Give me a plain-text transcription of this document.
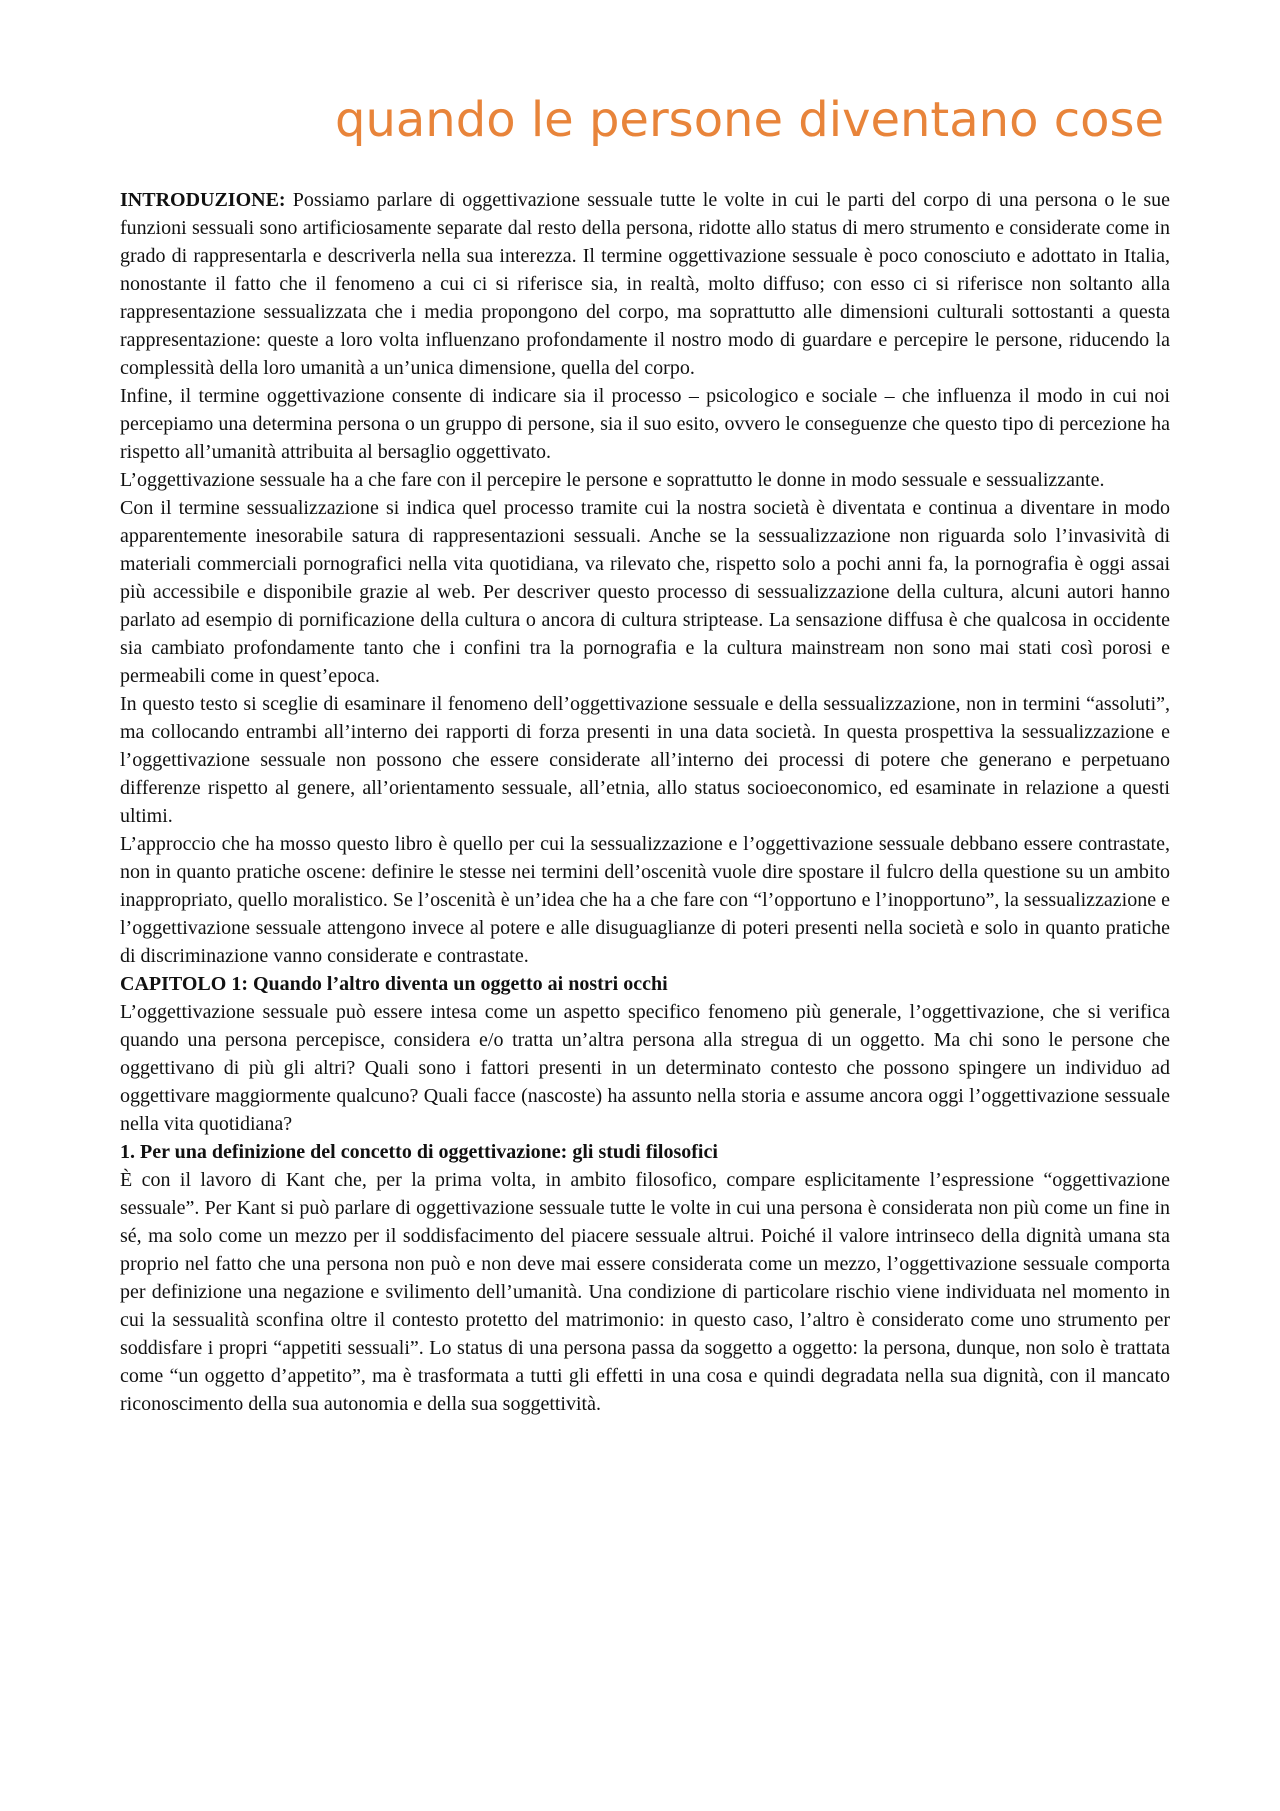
quando le persone diventano cose

INTRODUZIONE: Possiamo parlare di oggettivazione sessuale tutte le volte in cui le parti del corpo di una persona o le sue funzioni sessuali sono artificiosamente separate dal resto della persona, ridotte allo status di mero strumento e considerate come in grado di rappresentarla e descriverla nella sua interezza. Il termine oggettivazione sessuale è poco conosciuto e adottato in Italia, nonostante il fatto che il fenomeno a cui ci si riferisce sia, in realtà, molto diffuso; con esso ci si riferisce non soltanto alla rappresentazione sessualizzata che i media propongono del corpo, ma soprattutto alle dimensioni culturali sottostanti a questa rappresentazione: queste a loro volta influenzano profondamente il nostro modo di guardare e percepire le persone, riducendo la complessità della loro umanità a un’unica dimensione, quella del corpo.

Infine, il termine oggettivazione consente di indicare sia il processo – psicologico e sociale – che influenza il modo in cui noi percepiamo una determina persona o un gruppo di persone, sia il suo esito, ovvero le conseguenze che questo tipo di percezione ha rispetto all’umanità attribuita al bersaglio oggettivato.

L’oggettivazione sessuale ha a che fare con il percepire le persone e soprattutto le donne in modo sessuale e sessualizzante.

Con il termine sessualizzazione si indica quel processo tramite cui la nostra società è diventata e continua a diventare in modo apparentemente inesorabile satura di rappresentazioni sessuali. Anche se la sessualizzazione non riguarda solo l’invasività di materiali commerciali pornografici nella vita quotidiana, va rilevato che, rispetto solo a pochi anni fa, la pornografia è oggi assai più accessibile e disponibile grazie al web. Per descriver questo processo di sessualizzazione della cultura, alcuni autori hanno parlato ad esempio di pornificazione della cultura o ancora di cultura striptease. La sensazione diffusa è che qualcosa in occidente sia cambiato profondamente tanto che i confini tra la pornografia e la cultura mainstream non sono mai stati così porosi e permeabili come in quest’epoca.

In questo testo si sceglie di esaminare il fenomeno dell’oggettivazione sessuale e della sessualizzazione, non in termini “assoluti”, ma collocando entrambi all’interno dei rapporti di forza presenti in una data società. In questa prospettiva la sessualizzazione e l’oggettivazione sessuale non possono che essere considerate all’interno dei processi di potere che generano e perpetuano differenze rispetto al genere, all’orientamento sessuale, all’etnia, allo status socioeconomico, ed esaminate in relazione a questi ultimi.

L’approccio che ha mosso questo libro è quello per cui la sessualizzazione e l’oggettivazione sessuale debbano essere contrastate, non in quanto pratiche oscene: definire le stesse nei termini dell’oscenità vuole dire spostare il fulcro della questione su un ambito inappropriato, quello moralistico. Se l’oscenità è un’idea che ha a che fare con “l’opportuno e l’inopportuno”, la sessualizzazione e l’oggettivazione sessuale attengono invece al potere e alle disuguaglianze di poteri presenti nella società e solo in quanto pratiche di discriminazione vanno considerate e contrastate.

CAPITOLO 1: Quando l’altro diventa un oggetto ai nostri occhi

L’oggettivazione sessuale può essere intesa come un aspetto specifico fenomeno più generale, l’oggettivazione, che si verifica quando una persona percepisce, considera e/o tratta un’altra persona alla stregua di un oggetto. Ma chi sono le persone che oggettivano di più gli altri? Quali sono i fattori presenti in un determinato contesto che possono spingere un individuo ad oggettivare maggiormente qualcuno? Quali facce (nascoste) ha assunto nella storia e assume ancora oggi l’oggettivazione sessuale nella vita quotidiana?

1. Per una definizione del concetto di oggettivazione: gli studi filosofici

È con il lavoro di Kant che, per la prima volta, in ambito filosofico, compare esplicitamente l’espressione “oggettivazione sessuale”. Per Kant si può parlare di oggettivazione sessuale tutte le volte in cui una persona è considerata non più come un fine in sé, ma solo come un mezzo per il soddisfacimento del piacere sessuale altrui. Poiché il valore intrinseco della dignità umana sta proprio nel fatto che una persona non può e non deve mai essere considerata come un mezzo, l’oggettivazione sessuale comporta per definizione una negazione e svilimento dell’umanità. Una condizione di particolare rischio viene individuata nel momento in cui la sessualità sconfina oltre il contesto protetto del matrimonio: in questo caso, l’altro è considerato come uno strumento per soddisfare i propri “appetiti sessuali”. Lo status di una persona passa da soggetto a oggetto: la persona, dunque, non solo è trattata come “un oggetto d’appetito”, ma è trasformata a tutti gli effetti in una cosa e quindi degradata nella sua dignità, con il mancato riconoscimento della sua autonomia e della sua soggettività.
